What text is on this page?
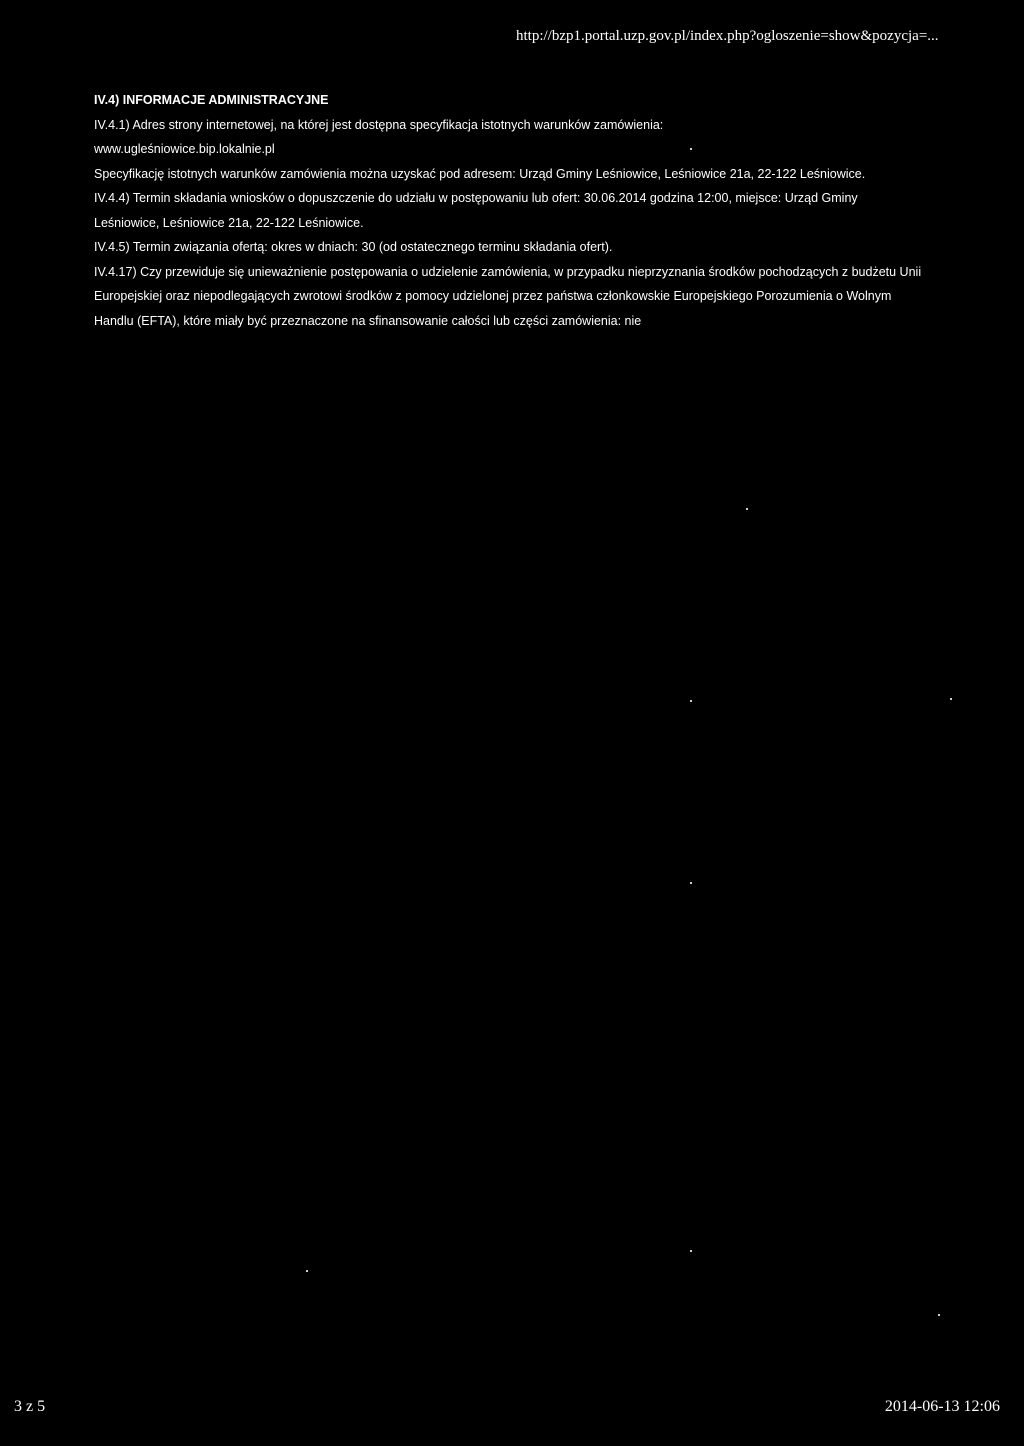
http://bzp1.portal.uzp.gov.pl/index.php?ogloszenie=show&pozycja=...

IV.4) INFORMACJE ADMINISTRACYJNE

IV.4.1) Adres strony internetowej, na której jest dostępna specyfikacja istotnych warunków zamówienia:

www.ugleśniowice.bip.lokalnie.pl

Specyfikację istotnych warunków zamówienia można uzyskać pod adresem: Urząd Gminy Leśniowice, Leśniowice 21a, 22-122 Leśniowice.

IV.4.4) Termin składania wniosków o dopuszczenie do udziału w postępowaniu lub ofert: 30.06.2014 godzina 12:00, miejsce: Urząd Gminy Leśniowice, Leśniowice 21a, 22-122 Leśniowice.

IV.4.5) Termin związania ofertą: okres w dniach: 30 (od ostatecznego terminu składania ofert).

IV.4.17) Czy przewiduje się unieważnienie postępowania o udzielenie zamówienia, w przypadku nieprzyznania środków pochodzących z budżetu Unii Europejskiej oraz niepodlegających zwrotowi środków z pomocy udzielonej przez państwa członkowskie Europejskiego Porozumienia o Wolnym Handlu (EFTA), które miały być przeznaczone na sfinansowanie całości lub części zamówienia: nie

3 z 5	2014-06-13 12:06
